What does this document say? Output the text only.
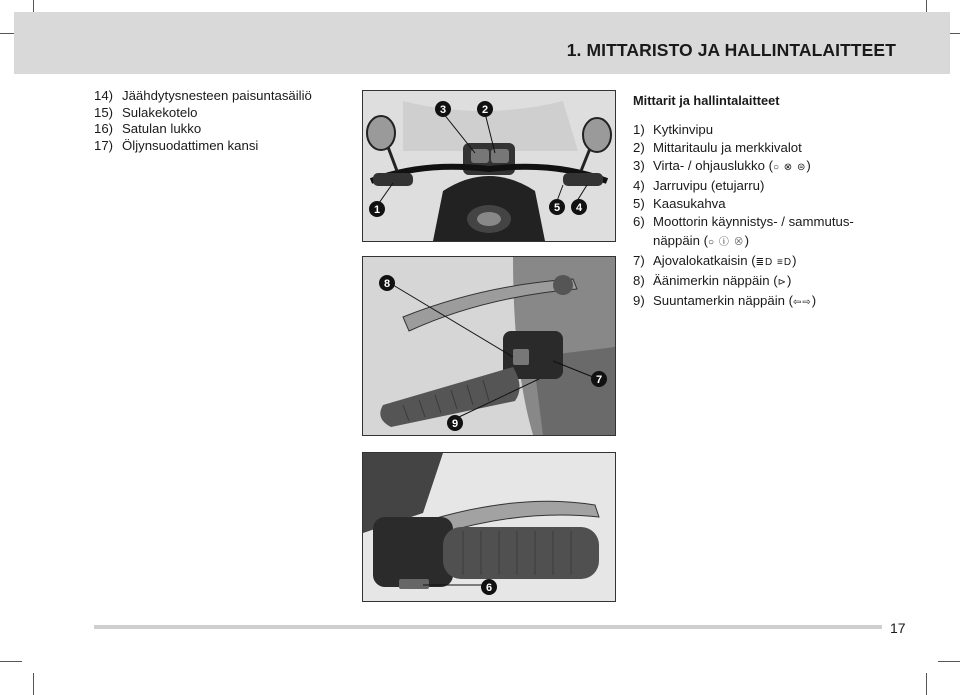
1. MITTARISTO JA HALLINTALAITTEET
14) Jäähdytysnesteen paisuntasäiliö
15) Sulakekotelo
16) Satulan lukko
17) Öljynsuodattimen kansi
Mittarit ja hallintalaitteet
1) Kytkinvipu
2) Mittaritaulu ja merkkivalot
3) Virta- / ohjauslukko (○ ⊗ ⊜)
4) Jarruvipu (etujarru)
5) Kaasukahva
6) Moottorin käynnistys- / sammutus-
näppäin (○ ⓘ ⊗)
7) Ajovalokatkaisin (≣D ≡D)
8) Äänimerkin näppäin (⊳)
9) Suuntamerkin näppäin (⇦⇨)
3	2
1	5 4
8
7
9
6
17
